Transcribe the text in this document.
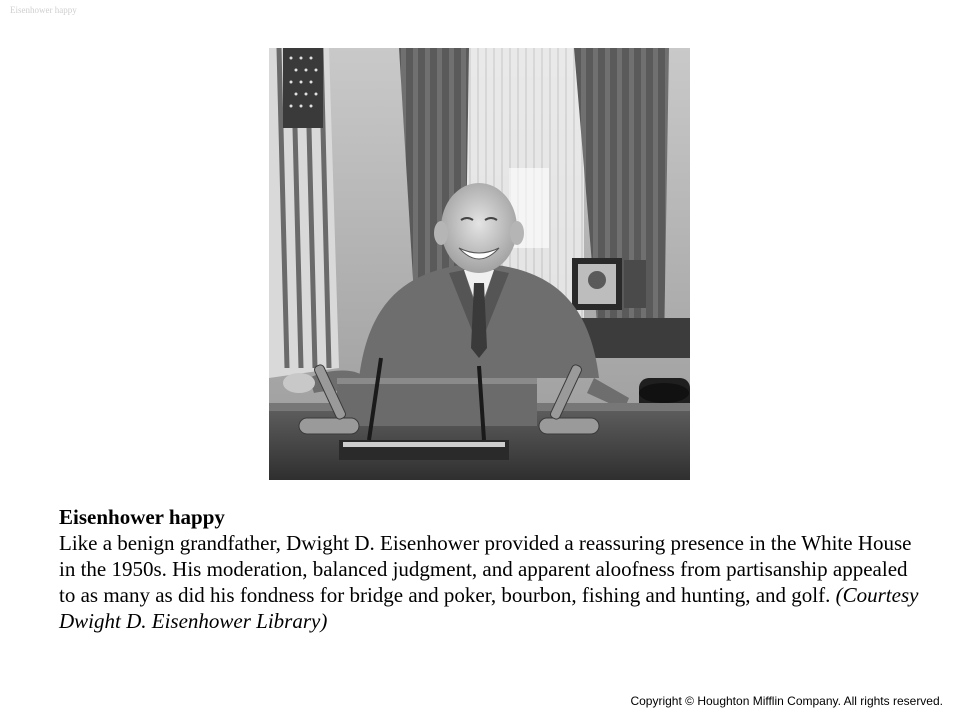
Eisenhower happy
Eisenhower happy
Like a benign grandfather, Dwight D. Eisenhower provided a reassuring presence in the White House in the 1950s. His moderation, balanced judgment, and apparent aloofness from partisanship appealed to as many as did his fondness for bridge and poker, bourbon, fishing and hunting, and golf. (Courtesy Dwight D. Eisenhower Library)
Copyright © Houghton Mifflin Company. All rights reserved.
